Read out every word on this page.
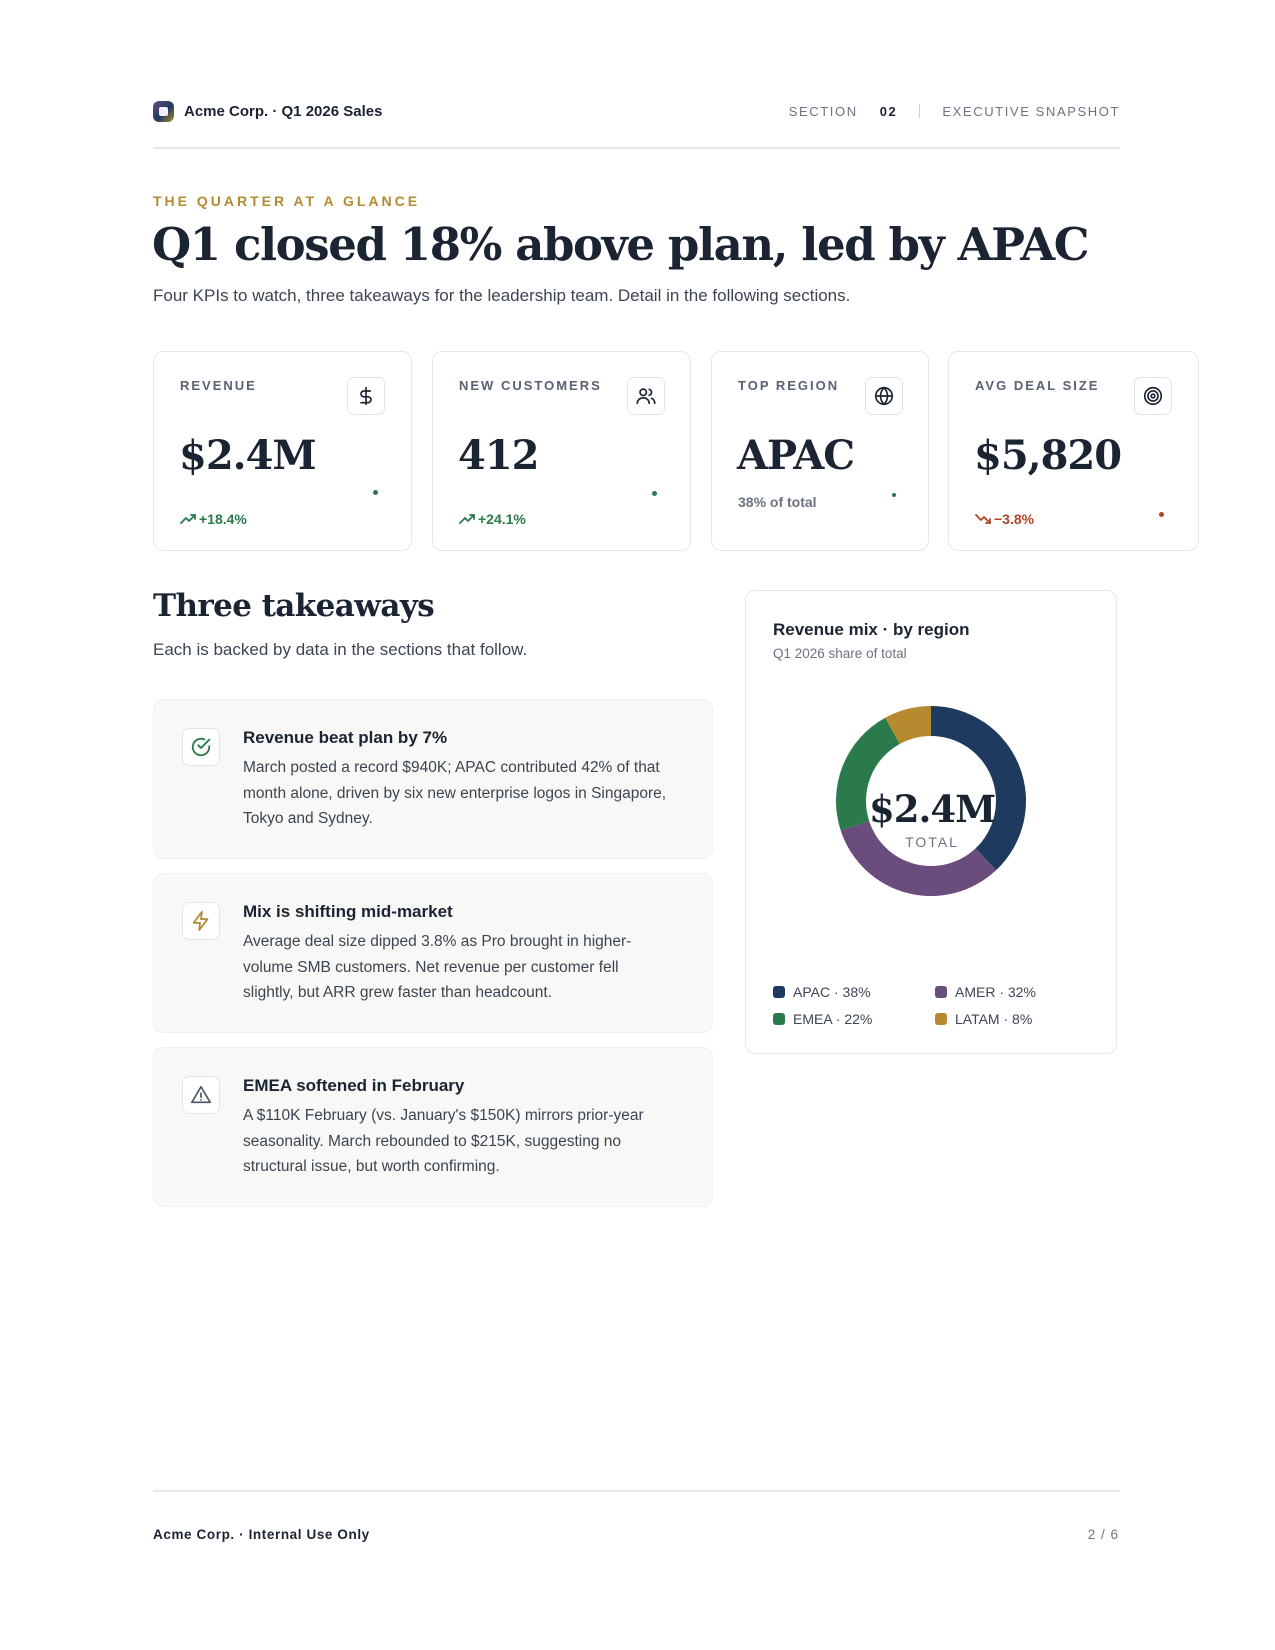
Acme Corp. · Q1 2026 Sales	SECTION 02	EXECUTIVE SNAPSHOT
THE QUARTER AT A GLANCE
Q1 closed 18% above plan, led by APAC
Four KPIs to watch, three takeaways for the leadership team. Detail in the following sections.
REVENUE
$2.4M
+18.4%
NEW CUSTOMERS
412
+24.1%
TOP REGION
APAC
38% of total
AVG DEAL SIZE
$5,820
−3.8%
Three takeaways
Each is backed by data in the sections that follow.
Revenue beat plan by 7%
March posted a record $940K; APAC contributed 42% of that month alone, driven by six new enterprise logos in Singapore, Tokyo and Sydney.
Mix is shifting mid-market
Average deal size dipped 3.8% as Pro brought in higher-volume SMB customers. Net revenue per customer fell slightly, but ARR grew faster than headcount.
EMEA softened in February
A $110K February (vs. January's $150K) mirrors prior-year seasonality. March rebounded to $215K, suggesting no structural issue, but worth confirming.
Revenue mix · by region
Q1 2026 share of total
$2.4M
TOTAL
APAC · 38%	AMER · 32%
EMEA · 22%	LATAM · 8%
Acme Corp. · Internal Use Only	2 / 6
